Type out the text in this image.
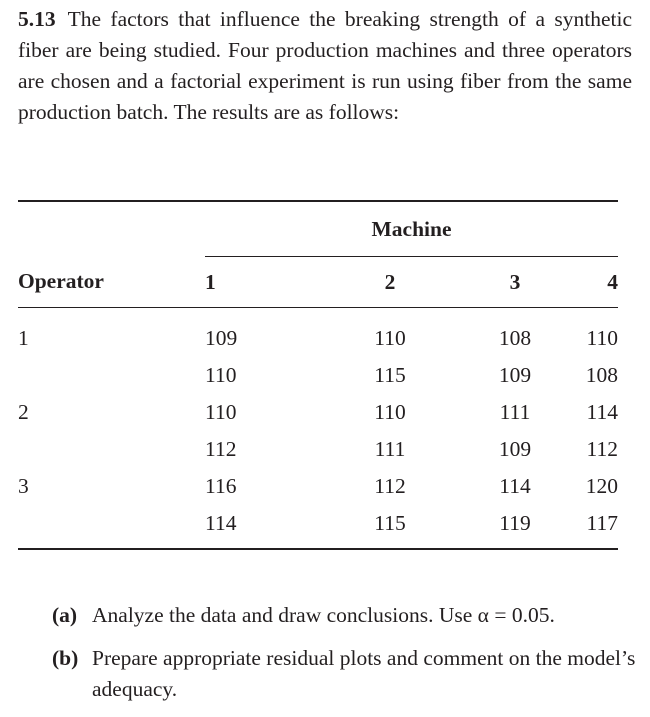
5.13 The factors that influence the breaking strength of a synthetic fiber are being studied. Four production machines and three operators are chosen and a factorial experiment is run using fiber from the same production batch. The results are as follows:

	Machine			
Operator	1	2	3	4
1	109	110	108	110
	110	115	109	108
2	110	110	111	114
	112	111	109	112
3	116	112	114	120
	114	115	119	117
(a) Analyze the data and draw conclusions. Use α = 0.05.
(b) Prepare appropriate residual plots and comment on the model’s adequacy.
